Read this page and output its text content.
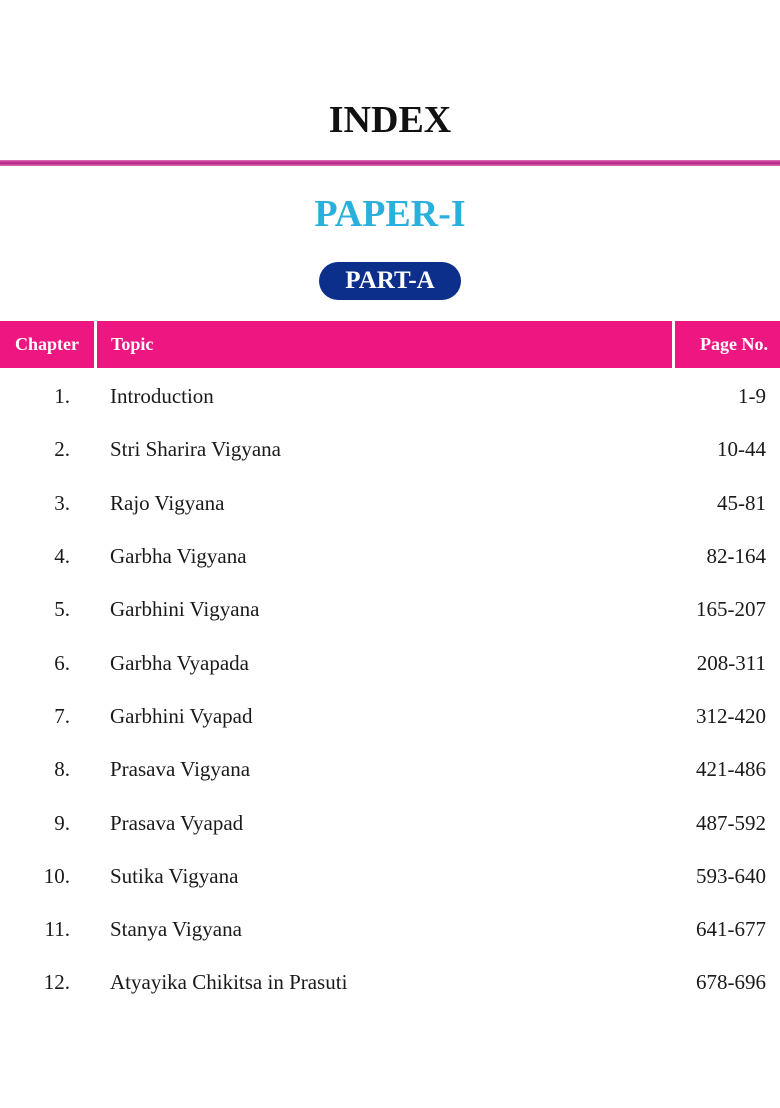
INDEX
PAPER-I
PART-A
Chapter	Topic	Page No.
1. Introduction	1-9
2. Stri Sharira Vigyana	10-44
3. Rajo Vigyana	45-81
4. Garbha Vigyana	82-164
5. Garbhini Vigyana	165-207
6. Garbha Vyapada	208-311
7. Garbhini Vyapad	312-420
8. Prasava Vigyana	421-486
9. Prasava Vyapad	487-592
10. Sutika Vigyana	593-640
11. Stanya Vigyana	641-677
12. Atyayika Chikitsa in Prasuti	678-696
